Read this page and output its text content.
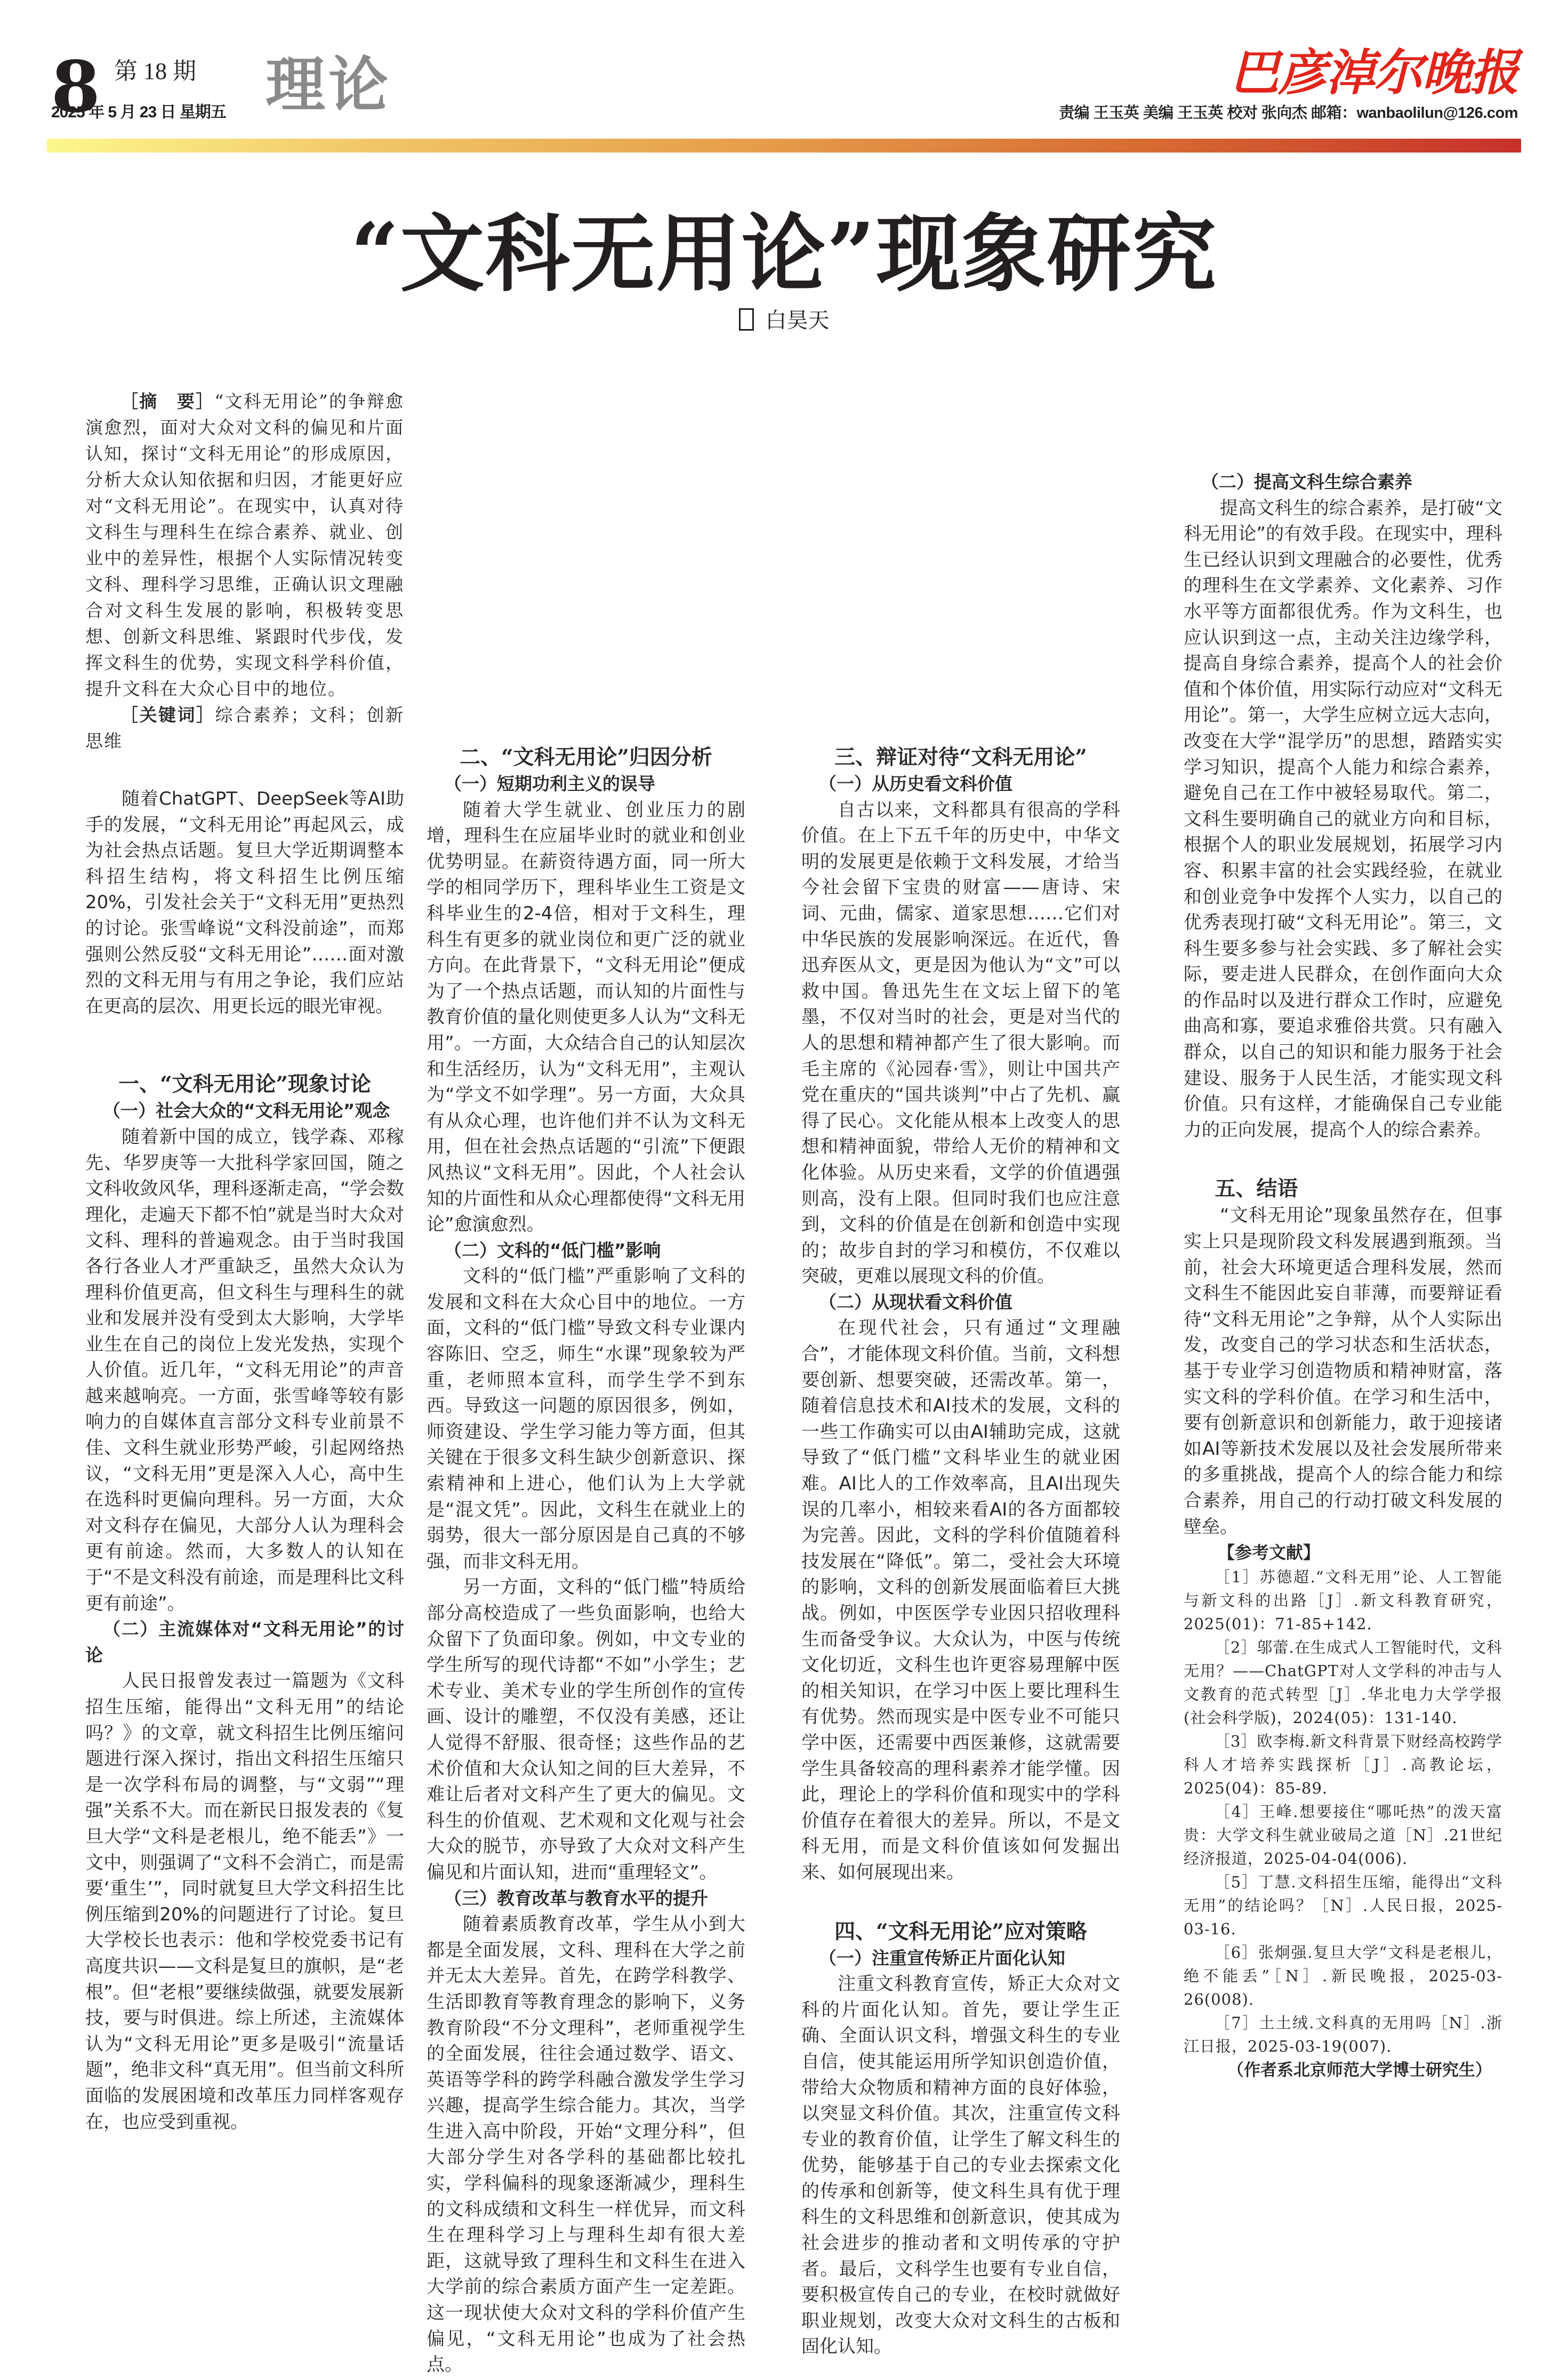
8 第 18 期
2025 年 5 月 23 日 星期五 理论	巴彦淖尔晚报
责编 王玉英 美编 王玉英 校对 张向杰 邮箱：wanbaolilun@126.com
“文科无用论”现象研究
白昊天

［摘　要］“文科无用论”的争辩愈演愈烈，面对大众对文科的偏见和片面认知，探讨“文科无用论”的形成原因，分析大众认知依据和归因，才能更好应对“文科无用论”。在现实中，认真对待文科生与理科生在综合素养、就业、创业中的差异性，根据个人实际情况转变文科、理科学习思维，正确认识文理融合对文科生发展的影响，积极转变思想、创新文科思维、紧跟时代步伐，发挥文科生的优势，实现文科学科价值，提升文科在大众心目中的地位。

［关键词］综合素养；文科；创新思维

随着ChatGPT、DeepSeek等AI助手的发展，“文科无用论”再起风云，成为社会热点话题。复旦大学近期调整本科招生结构，将文科招生比例压缩20%，引发社会关于“文科无用”更热烈的讨论。张雪峰说“文科没前途”，而郑强则公然反驳“文科无用论”……面对激烈的文科无用与有用之争论，我们应站在更高的层次、用更长远的眼光审视。

一、“文科无用论”现象讨论
（一）社会大众的“文科无用论”观念

随着新中国的成立，钱学森、邓稼先、华罗庚等一大批科学家回国，随之文科收敛风华，理科逐渐走高，“学会数理化，走遍天下都不怕”就是当时大众对文科、理科的普遍观念。由于当时我国各行各业人才严重缺乏，虽然大众认为理科价值更高，但文科生与理科生的就业和发展并没有受到太大影响，大学毕业生在自己的岗位上发光发热，实现个人价值。近几年，“文科无用论”的声音越来越响亮。一方面，张雪峰等较有影响力的自媒体直言部分文科专业前景不佳、文科生就业形势严峻，引起网络热议，“文科无用”更是深入人心，高中生在选科时更偏向理科。另一方面，大众对文科存在偏见，大部分人认为理科会更有前途。然而，大多数人的认知在于“不是文科没有前途，而是理科比文科更有前途”。

（二）主流媒体对“文科无用论”的讨论

人民日报曾发表过一篇题为《文科招生压缩，能得出“文科无用”的结论吗？》的文章，就文科招生比例压缩问题进行深入探讨，指出文科招生压缩只是一次学科布局的调整，与“文弱”“理强”关系不大。而在新民日报发表的《复旦大学“文科是老根儿，绝不能丢”》一文中，则强调了“文科不会消亡，而是需要‘重生’”，同时就复旦大学文科招生比例压缩到20%的问题进行了讨论。复旦大学校长也表示：他和学校党委书记有高度共识——文科是复旦的旗帜，是“老根”。但“老根”要继续做强，就要发展新技，要与时俱进。综上所述，主流媒体认为“文科无用论”更多是吸引“流量话题”，绝非文科“真无用”。但当前文科所面临的发展困境和改革压力同样客观存在，也应受到重视。

二、“文科无用论”归因分析
（一）短期功利主义的误导

随着大学生就业、创业压力的剧增，理科生在应届毕业时的就业和创业优势明显。在薪资待遇方面，同一所大学的相同学历下，理科毕业生工资是文科毕业生的2-4倍，相对于文科生，理科生有更多的就业岗位和更广泛的就业方向。在此背景下，“文科无用论”便成为了一个热点话题，而认知的片面性与教育价值的量化则使更多人认为“文科无用”。一方面，大众结合自己的认知层次和生活经历，认为“文科无用”，主观认为“学文不如学理”。另一方面，大众具有从众心理，也许他们并不认为文科无用，但在社会热点话题的“引流”下便跟风热议“文科无用”。因此，个人社会认知的片面性和从众心理都使得“文科无用论”愈演愈烈。

（二）文科的“低门槛”影响

文科的“低门槛”严重影响了文科的发展和文科在大众心目中的地位。一方面，文科的“低门槛”导致文科专业课内容陈旧、空乏，师生“水课”现象较为严重，老师照本宣科，而学生学不到东西。导致这一问题的原因很多，例如，师资建设、学生学习能力等方面，但其关键在于很多文科生缺少创新意识、探索精神和上进心，他们认为上大学就是“混文凭”。因此，文科生在就业上的弱势，很大一部分原因是自己真的不够强，而非文科无用。

另一方面，文科的“低门槛”特质给部分高校造成了一些负面影响，也给大众留下了负面印象。例如，中文专业的学生所写的现代诗都“不如”小学生；艺术专业、美术专业的学生所创作的宣传画、设计的雕塑，不仅没有美感，还让人觉得不舒服、很奇怪；这些作品的艺术价值和大众认知之间的巨大差异，不难让后者对文科产生了更大的偏见。文科生的价值观、艺术观和文化观与社会大众的脱节，亦导致了大众对文科产生偏见和片面认知，进而“重理轻文”。

（三）教育改革与教育水平的提升

随着素质教育改革，学生从小到大都是全面发展，文科、理科在大学之前并无太大差异。首先，在跨学科教学、生活即教育等教育理念的影响下，义务教育阶段“不分文理科”，老师重视学生的全面发展，往往会通过数学、语文、英语等学科的跨学科融合激发学生学习兴趣，提高学生综合能力。其次，当学生进入高中阶段，开始“文理分科”，但大部分学生对各学科的基础都比较扎实，学科偏科的现象逐渐减少，理科生的文科成绩和文科生一样优异，而文科生在理科学习上与理科生却有很大差距，这就导致了理科生和文科生在进入大学前的综合素质方面产生一定差距。这一现状使大众对文科的学科价值产生偏见，“文科无用论”也成为了社会热点。

三、辩证对待“文科无用论”
（一）从历史看文科价值

自古以来，文科都具有很高的学科价值。在上下五千年的历史中，中华文明的发展更是依赖于文科发展，才给当今社会留下宝贵的财富——唐诗、宋词、元曲，儒家、道家思想……它们对中华民族的发展影响深远。在近代，鲁迅弃医从文，更是因为他认为“文”可以救中国。鲁迅先生在文坛上留下的笔墨，不仅对当时的社会，更是对当代的人的思想和精神都产生了很大影响。而毛主席的《沁园春·雪》，则让中国共产党在重庆的“国共谈判”中占了先机、赢得了民心。文化能从根本上改变人的思想和精神面貌，带给人无价的精神和文化体验。从历史来看，文学的价值遇强则高，没有上限。但同时我们也应注意到，文科的价值是在创新和创造中实现的；故步自封的学习和模仿，不仅难以突破，更难以展现文科的价值。

（二）从现状看文科价值

在现代社会，只有通过“文理融合”，才能体现文科价值。当前，文科想要创新、想要突破，还需改革。第一，随着信息技术和AI技术的发展，文科的一些工作确实可以由AI辅助完成，这就导致了“低门槛”文科毕业生的就业困难。AI比人的工作效率高，且AI出现失误的几率小，相较来看AI的各方面都较为完善。因此，文科的学科价值随着科技发展在“降低”。第二，受社会大环境的影响，文科的创新发展面临着巨大挑战。例如，中医医学专业因只招收理科生而备受争议。大众认为，中医与传统文化切近，文科生也许更容易理解中医的相关知识，在学习中医上要比理科生有优势。然而现实是中医专业不可能只学中医，还需要中西医兼修，这就需要学生具备较高的理科素养才能学懂。因此，理论上的学科价值和现实中的学科价值存在着很大的差异。所以，不是文科无用，而是文科价值该如何发掘出来、如何展现出来。

四、“文科无用论”应对策略
（一）注重宣传矫正片面化认知

注重文科教育宣传，矫正大众对文科的片面化认知。首先，要让学生正确、全面认识文科，增强文科生的专业自信，使其能运用所学知识创造价值，带给大众物质和精神方面的良好体验，以突显文科价值。其次，注重宣传文科专业的教育价值，让学生了解文科生的优势，能够基于自己的专业去探索文化的传承和创新等，使文科生具有优于理科生的文科思维和创新意识，使其成为社会进步的推动者和文明传承的守护者。最后，文科学生也要有专业自信，要积极宣传自己的专业，在校时就做好职业规划，改变大众对文科生的古板和固化认知。

（二）提高文科生综合素养

提高文科生的综合素养，是打破“文科无用论”的有效手段。在现实中，理科生已经认识到文理融合的必要性，优秀的理科生在文学素养、文化素养、习作水平等方面都很优秀。作为文科生，也应认识到这一点，主动关注边缘学科，提高自身综合素养，提高个人的社会价值和个体价值，用实际行动应对“文科无用论”。第一，大学生应树立远大志向，改变在大学“混学历”的思想，踏踏实实学习知识，提高个人能力和综合素养，避免自己在工作中被轻易取代。第二，文科生要明确自己的就业方向和目标，根据个人的职业发展规划，拓展学习内容、积累丰富的社会实践经验，在就业和创业竞争中发挥个人实力，以自己的优秀表现打破“文科无用论”。第三，文科生要多参与社会实践、多了解社会实际，要走进人民群众，在创作面向大众的作品时以及进行群众工作时，应避免曲高和寡，要追求雅俗共赏。只有融入群众，以自己的知识和能力服务于社会建设、服务于人民生活，才能实现文科价值。只有这样，才能确保自己专业能力的正向发展，提高个人的综合素养。

五、结语

“文科无用论”现象虽然存在，但事实上只是现阶段文科发展遇到瓶颈。当前，社会大环境更适合理科发展，然而文科生不能因此妄自菲薄，而要辩证看待“文科无用论”之争辩，从个人实际出发，改变自己的学习状态和生活状态，基于专业学习创造物质和精神财富，落实文科的学科价值。在学习和生活中，要有创新意识和创新能力，敢于迎接诸如AI等新技术发展以及社会发展所带来的多重挑战，提高个人的综合能力和综合素养，用自己的行动打破文科发展的壁垒。

【参考文献】

［1］苏德超.“文科无用”论、人工智能与新文科的出路［J］.新文科教育研究，2025(01)：71-85+142.

［2］邬蕾.在生成式人工智能时代，文科无用？——ChatGPT对人文学科的冲击与人文教育的范式转型［J］.华北电力大学学报(社会科学版)，2024(05)：131-140.

［3］欧李梅.新文科背景下财经高校跨学科人才培养实践探析［J］.高教论坛，2025(04)：85-89.

［4］王峰.想要接住“哪吒热”的泼天富贵：大学文科生就业破局之道［N］.21世纪经济报道，2025-04-04(006).

［5］丁慧.文科招生压缩，能得出“文科无用”的结论吗？［N］.人民日报，2025-03-16.

［6］张炯强.复旦大学“文科是老根儿，绝不能丢”［N］.新民晚报，2025-03-26(008).

［7］土土绒.文科真的无用吗［N］.浙江日报，2025-03-19(007).

（作者系北京师范大学博士研究生）
